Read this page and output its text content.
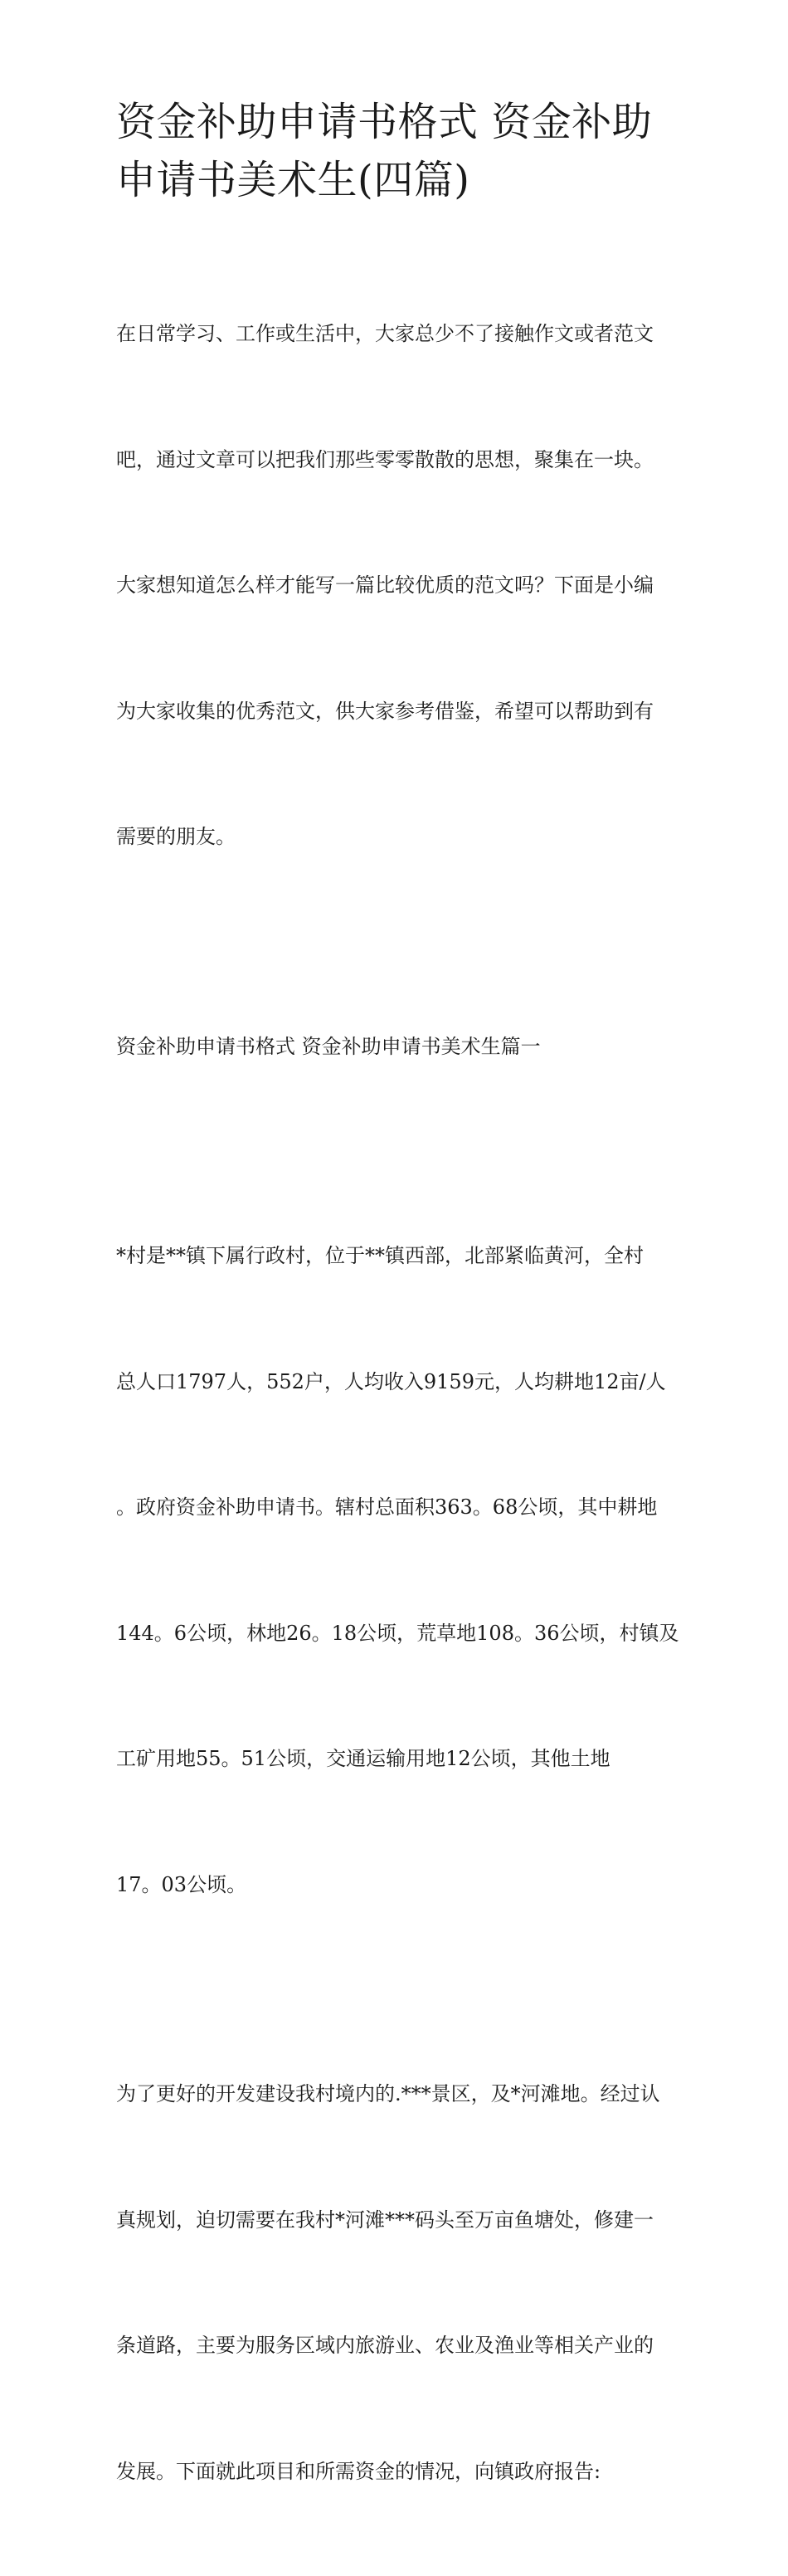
资金补助申请书格式 资金补助
申请书美术生(四篇)

在日常学习、工作或生活中，大家总少不了接触作文或者范文

吧，通过文章可以把我们那些零零散散的思想，聚集在一块。

大家想知道怎么样才能写一篇比较优质的范文吗？下面是小编

为大家收集的优秀范文，供大家参考借鉴，希望可以帮助到有

需要的朋友。

资金补助申请书格式 资金补助申请书美术生篇一

*村是**镇下属行政村，位于**镇西部，北部紧临黄河，全村

总人口1797人，552户，人均收入9159元，人均耕地12亩/人

。政府资金补助申请书。辖村总面积363。68公顷，其中耕地

144。6公顷，林地26。18公顷，荒草地108。36公顷，村镇及

工矿用地55。51公顷，交通运输用地12公顷，其他土地

17。03公顷。

为了更好的开发建设我村境内的.***景区，及*河滩地。经过认

真规划，迫切需要在我村*河滩***码头至万亩鱼塘处，修建一

条道路，主要为服务区域内旅游业、农业及渔业等相关产业的

发展。下面就此项目和所需资金的情况，向镇政府报告:
